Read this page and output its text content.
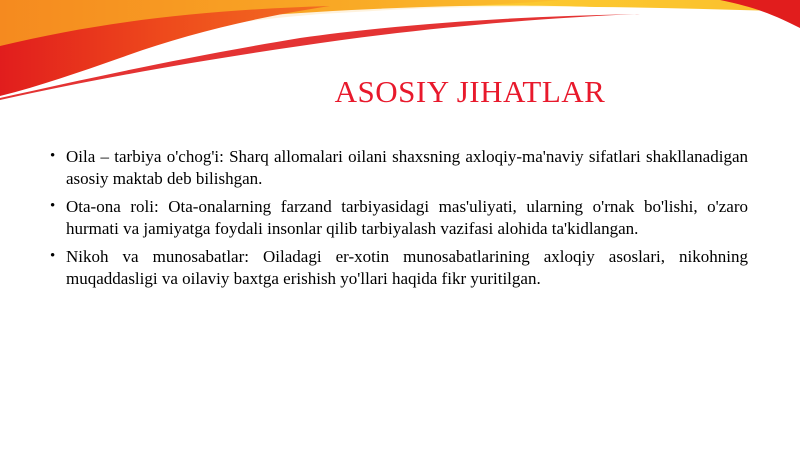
ASOSIY JIHATLAR
• Oila – tarbiya o'chog'i: Sharq allomalari oilani shaxsning axloqiy-ma'naviy sifatlari shakllanadigan asosiy maktab deb bilishgan.
• Ota-ona roli: Ota-onalarning farzand tarbiyasidagi mas'uliyati, ularning o'rnak bo'lishi, o'zaro hurmati va jamiyatga foydali insonlar qilib tarbiyalash vazifasi alohida ta'kidlangan.
• Nikoh va munosabatlar: Oiladagi er-xotin munosabatlarining axloqiy asoslari, nikohning muqaddasligi va oilaviy baxtga erishish yo'llari haqida fikr yuritilgan.
